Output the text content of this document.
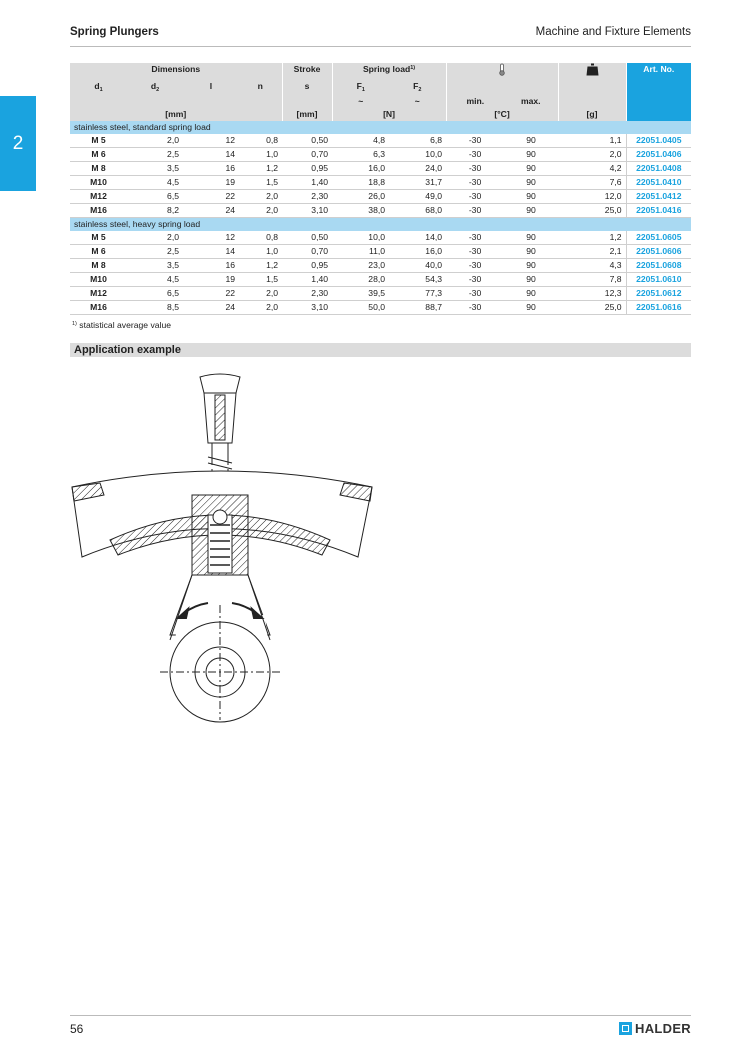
Spring Plungers	Machine and Fixture Elements
2
Dimensions				Stroke	Spring load$^{1)}$					Art. No.
$d_1$	$d_2$	l	n	s	$F_1$	$F_2$				
					~	~	min.	max.		
[mm]				[mm]	[N]		[°C]		[g]	
stainless steel, standard spring load										
M 5	2,0	12	0,8	0,50	4,8	6,8	-30	90	1,1	22051.0405
M 6	2,5	14	1,0	0,70	6,3	10,0	-30	90	2,0	22051.0406
M 8	3,5	16	1,2	0,95	16,0	24,0	-30	90	4,2	22051.0408
M10	4,5	19	1,5	1,40	18,8	31,7	-30	90	7,6	22051.0410
M12	6,5	22	2,0	2,30	26,0	49,0	-30	90	12,0	22051.0412
M16	8,2	24	2,0	3,10	38,0	68,0	-30	90	25,0	22051.0416
stainless steel, heavy spring load										
M 5	2,0	12	0,8	0,50	10,0	14,0	-30	90	1,2	22051.0605
M 6	2,5	14	1,0	0,70	11,0	16,0	-30	90	2,1	22051.0606
M 8	3,5	16	1,2	0,95	23,0	40,0	-30	90	4,3	22051.0608
M10	4,5	19	1,5	1,40	28,0	54,3	-30	90	7,8	22051.0610
M12	6,5	22	2,0	2,30	39,5	77,3	-30	90	12,3	22051.0612
M16	8,5	24	2,0	3,10	50,0	88,7	-30	90	25,0	22051.0616
$^{1)}$ statistical average value
Application example
56	HALDER
